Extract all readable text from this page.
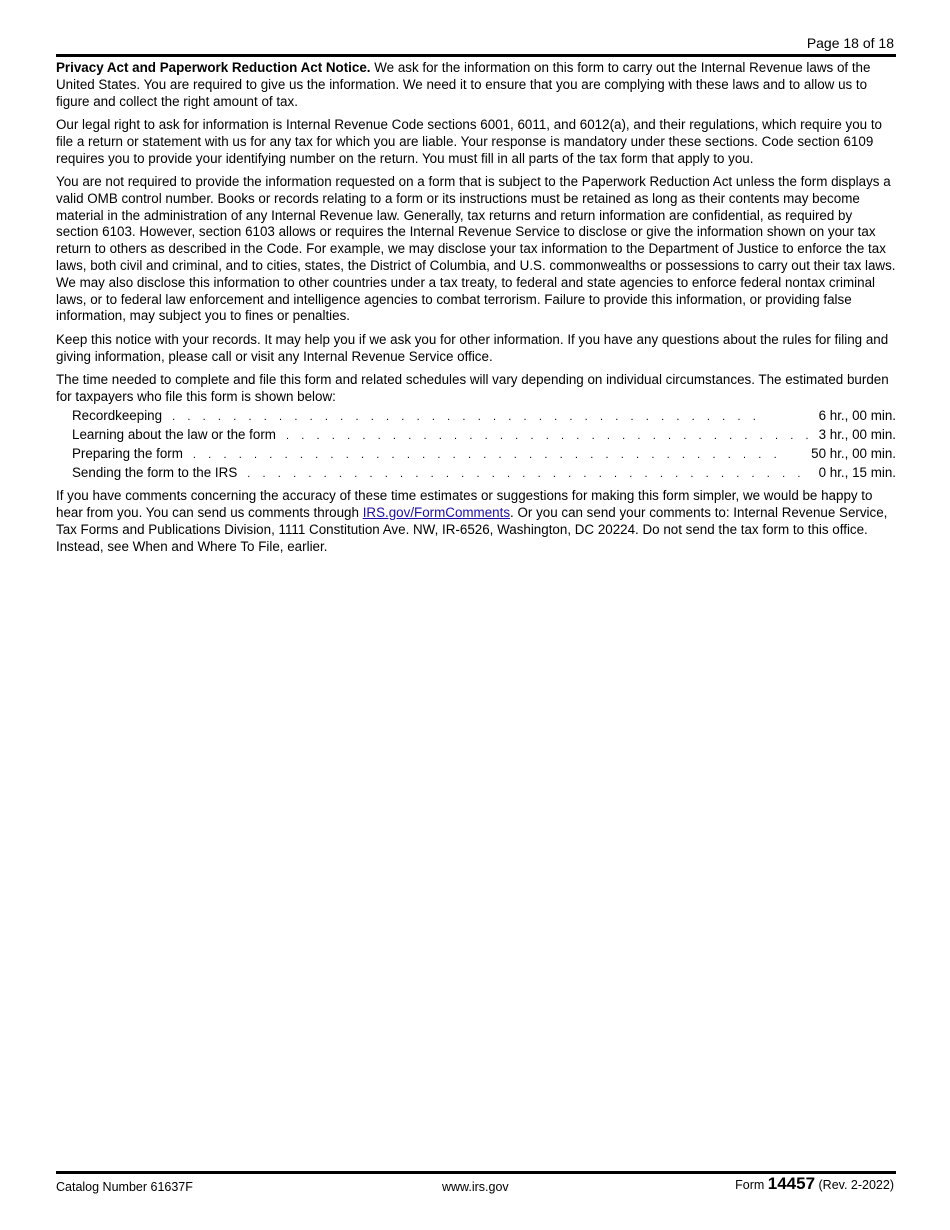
Page 18 of 18

Privacy Act and Paperwork Reduction Act Notice. We ask for the information on this form to carry out the Internal Revenue laws of the United States. You are required to give us the information. We need it to ensure that you are complying with these laws and to allow us to figure and collect the right amount of tax.

Our legal right to ask for information is Internal Revenue Code sections 6001, 6011, and 6012(a), and their regulations, which require you to file a return or statement with us for any tax for which you are liable. Your response is mandatory under these sections. Code section 6109 requires you to provide your identifying number on the return. You must fill in all parts of the tax form that apply to you.

You are not required to provide the information requested on a form that is subject to the Paperwork Reduction Act unless the form displays a valid OMB control number. Books or records relating to a form or its instructions must be retained as long as their contents may become material in the administration of any Internal Revenue law. Generally, tax returns and return information are confidential, as required by section 6103. However, section 6103 allows or requires the Internal Revenue Service to disclose or give the information shown on your tax return to others as described in the Code. For example, we may disclose your tax information to the Department of Justice to enforce the tax laws, both civil and criminal, and to cities, states, the District of Columbia, and U.S. commonwealths or possessions to carry out their tax laws. We may also disclose this information to other countries under a tax treaty, to federal and state agencies to enforce federal nontax criminal laws, or to federal law enforcement and intelligence agencies to combat terrorism. Failure to provide this information, or providing false information, may subject you to fines or penalties.

Keep this notice with your records. It may help you if we ask you for other information. If you have any questions about the rules for filing and giving information, please call or visit any Internal Revenue Service office.

The time needed to complete and file this form and related schedules will vary depending on individual circumstances. The estimated burden for taxpayers who file this form is shown below:

Recordkeeping .	6 hr., 00 min.
Learning about the law or the form .	3 hr., 00 min.
Preparing the form .	50 hr., 00 min.
Sending the form to the IRS .	0 hr., 15 min.

If you have comments concerning the accuracy of these time estimates or suggestions for making this form simpler, we would be happy to hear from you. You can send us comments through IRS.gov/FormComments. Or you can send your comments to: Internal Revenue Service, Tax Forms and Publications Division, 1111 Constitution Ave. NW, IR-6526, Washington, DC 20224. Do not send the tax form to this office. Instead, see When and Where To File, earlier.

Catalog Number 61637F	www.irs.gov	Form 14457 (Rev. 2-2022)
